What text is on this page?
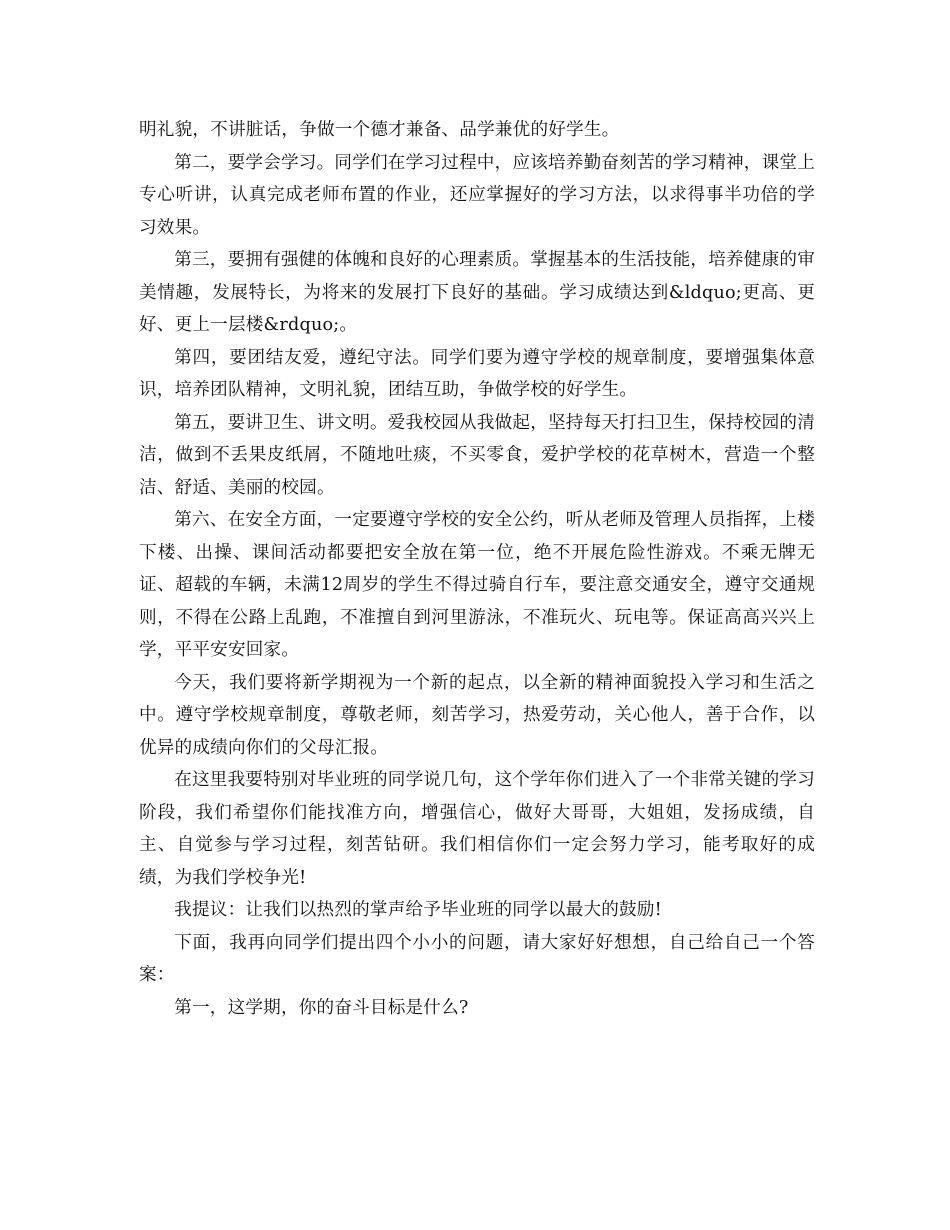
明礼貌，不讲脏话，争做一个德才兼备、品学兼优的好学生。

第二，要学会学习。同学们在学习过程中，应该培养勤奋刻苦的学习精神，课堂上专心听讲，认真完成老师布置的作业，还应掌握好的学习方法，以求得事半功倍的学习效果。

第三，要拥有强健的体魄和良好的心理素质。掌握基本的生活技能，培养健康的审美情趣，发展特长，为将来的发展打下良好的基础。学习成绩达到&ldquo;更高、更好、更上一层楼&rdquo;。

第四，要团结友爱，遵纪守法。同学们要为遵守学校的规章制度，要增强集体意识，培养团队精神，文明礼貌，团结互助，争做学校的好学生。

第五，要讲卫生、讲文明。爱我校园从我做起，坚持每天打扫卫生，保持校园的清洁，做到不丢果皮纸屑，不随地吐痰，不买零食，爱护学校的花草树木，营造一个整洁、舒适、美丽的校园。

第六、在安全方面，一定要遵守学校的安全公约，听从老师及管理人员指挥，上楼下楼、出操、课间活动都要把安全放在第一位，绝不开展危险性游戏。不乘无牌无证、超载的车辆，未满12周岁的学生不得过骑自行车，要注意交通安全，遵守交通规则，不得在公路上乱跑，不准擅自到河里游泳，不准玩火、玩电等。保证高高兴兴上学，平平安安回家。

今天，我们要将新学期视为一个新的起点，以全新的精神面貌投入学习和生活之中。遵守学校规章制度，尊敬老师，刻苦学习，热爱劳动，关心他人，善于合作，以优异的成绩向你们的父母汇报。

在这里我要特别对毕业班的同学说几句，这个学年你们进入了一个非常关键的学习阶段，我们希望你们能找准方向，增强信心，做好大哥哥，大姐姐，发扬成绩，自主、自觉参与学习过程，刻苦钻研。我们相信你们一定会努力学习，能考取好的成绩，为我们学校争光!

我提议：让我们以热烈的掌声给予毕业班的同学以最大的鼓励!

下面，我再向同学们提出四个小小的问题，请大家好好想想，自己给自己一个答案：

第一，这学期，你的奋斗目标是什么?
